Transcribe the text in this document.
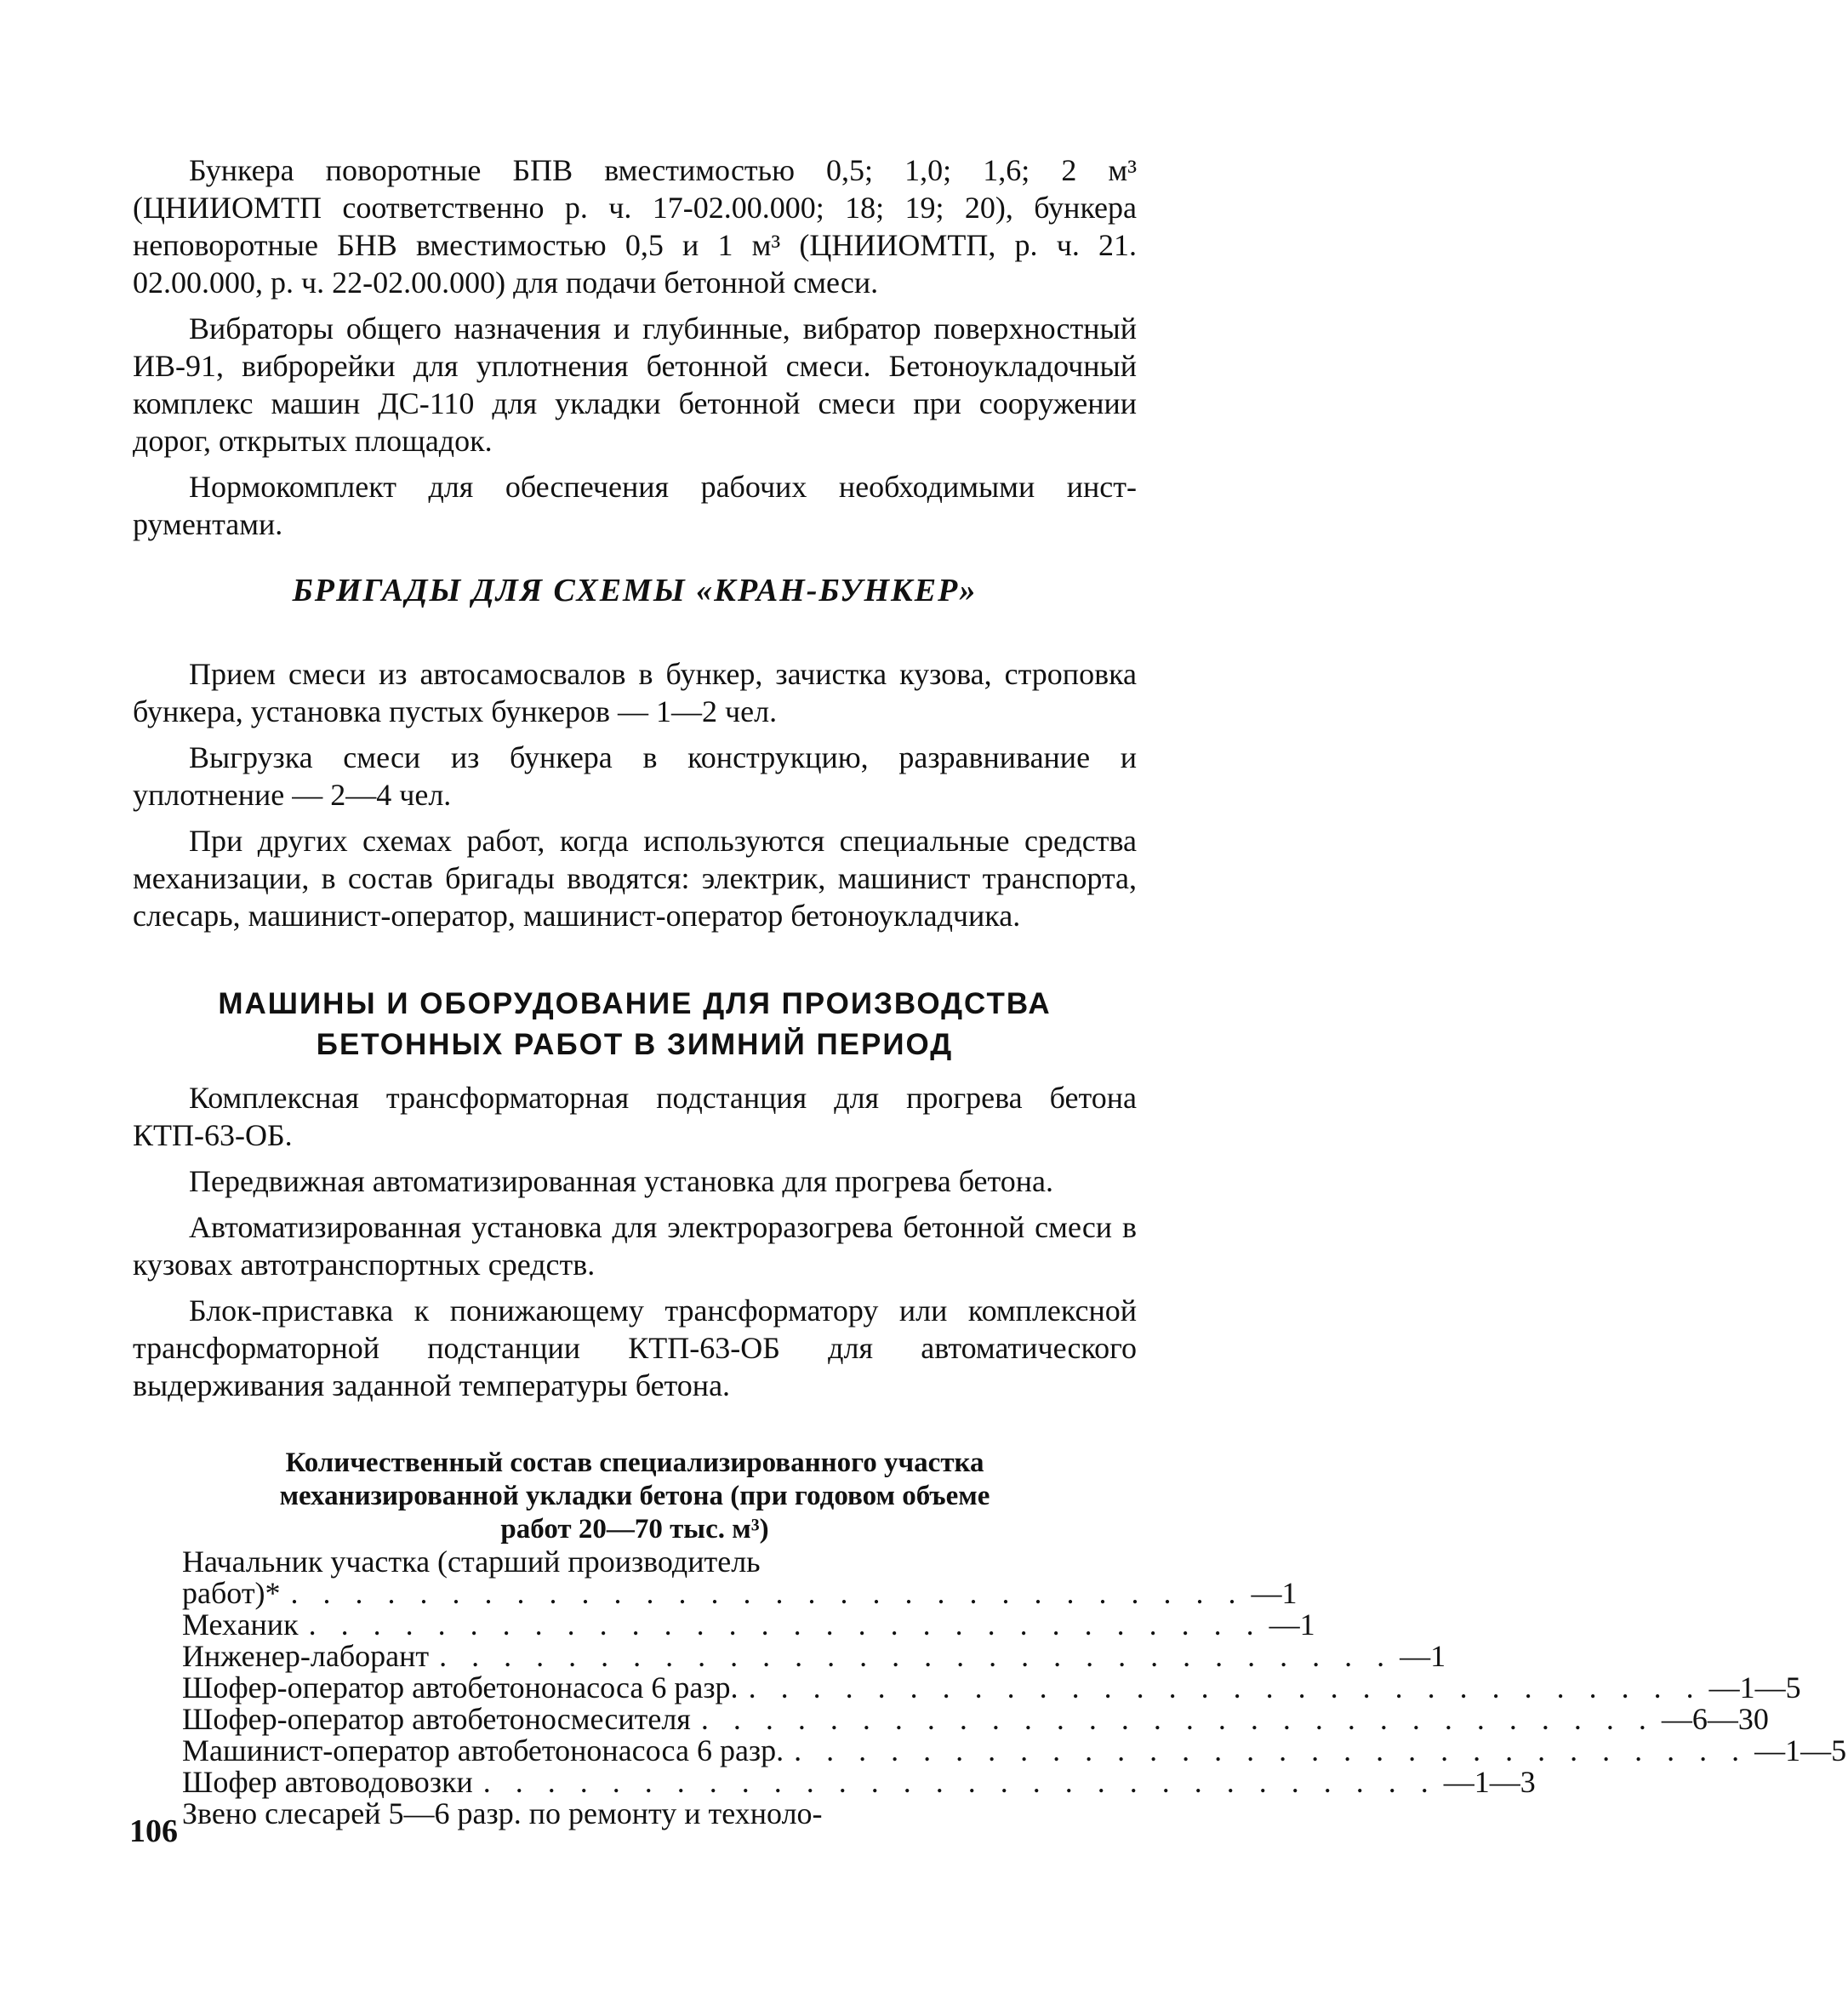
Бункера поворотные БПВ вместимостью 0,5; 1,0; 1,6; 2 м³ (ЦНИИОМТП соответственно р. ч. 17-02.00.000; 18; 19; 20), бункера неповоротные БНВ вместимостью 0,5 и 1 м³ (ЦНИИОМТП, р. ч. 21. 02.00.000, р. ч. 22-02.00.000) для подачи бетонной смеси.

Вибраторы общего назначения и глубинные, вибратор поверхностный ИВ-91, виброрейки для уплотнения бетонной смеси. Бетоноукладочный комплекс машин ДС-110 для укладки бетонной смеси при сооружении дорог, открытых площадок.

Нормокомплект для обеспечения рабочих необходимыми инструментами.

БРИГАДЫ ДЛЯ СХЕМЫ «КРАН-БУНКЕР»

Прием смеси из автосамосвалов в бункер, зачистка кузова, строповка бункера, установка пустых бункеров — 1—2 чел.

Выгрузка смеси из бункера в конструкцию, разравнивание и уплотнение — 2—4 чел.

При других схемах работ, когда используются специальные средства механизации, в состав бригады вводятся: электрик, машинист транспорта, слесарь, машинист-оператор, машинист-оператор бетоноукладчика.

МАШИНЫ И ОБОРУДОВАНИЕ ДЛЯ ПРОИЗВОДСТВА
БЕТОННЫХ РАБОТ В ЗИМНИЙ ПЕРИОД

Комплексная трансформаторная подстанция для прогрева бетона КТП-63-ОБ.

Передвижная автоматизированная установка для прогрева бетона.

Автоматизированная установка для электроразогрева бетонной смеси в кузовах автотранспортных средств.

Блок-приставка к понижающему трансформатору или комплексной трансформаторной подстанции КТП-63-ОБ для автоматического выдерживания заданной температуры бетона.

Количественный состав специализированного участка

механизированной укладки бетона (при годовом объеме

работ 20—70 тыс. м³)

Начальник участка (старший производитель
работ)* . . . . . . . . . . . . . . . . . . . . . . . . . . . . . . —1
Механик . . . . . . . . . . . . . . . . . . . . . . . . . . . . . . —1
Инженер-лаборант . . . . . . . . . . . . . . . . . . . . . . . . . . . . . . —1
Шофер-оператор автобетононасоса 6 разр. . . . . . . . . . . . . . . . . . . . . . . . . . . . . . . —1—5
Шофер-оператор автобетоносмесителя . . . . . . . . . . . . . . . . . . . . . . . . . . . . . . —6—30
Машинист-оператор автобетононасоса 6 разр. . . . . . . . . . . . . . . . . . . . . . . . . . . . . . . —1—5
Шофер автоводовозки . . . . . . . . . . . . . . . . . . . . . . . . . . . . . . —1—3
Звено слесарей 5—6 разр. по ремонту и техноло-
106
